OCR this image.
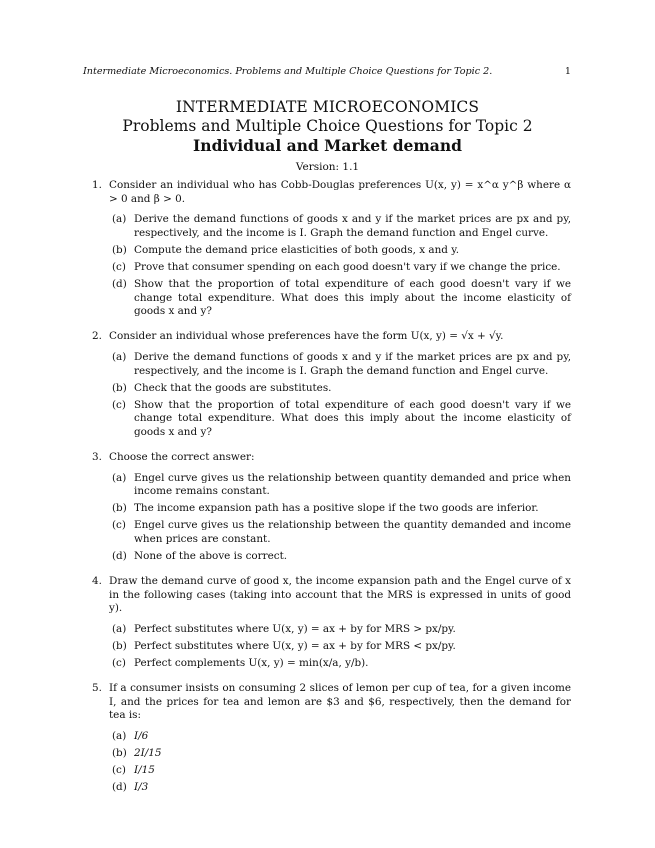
Intermediate Microeconomics. Problems and Multiple Choice Questions for Topic 2.	1
INTERMEDIATE MICROECONOMICS
Problems and Multiple Choice Questions for Topic 2
Individual and Market demand
Version: 1.1
1. Consider an individual who has Cobb-Douglas preferences U(x, y) = x^α y^β where α > 0 and β > 0.
(a) Derive the demand functions of goods x and y if the market prices are px and py, respectively, and the income is I. Graph the demand function and Engel curve.
(b) Compute the demand price elasticities of both goods, x and y.
(c) Prove that consumer spending on each good doesn't vary if we change the price.
(d) Show that the proportion of total expenditure of each good doesn't vary if we change total expenditure. What does this imply about the income elasticity of goods x and y?
2. Consider an individual whose preferences have the form U(x, y) = √x + √y.
(a) Derive the demand functions of goods x and y if the market prices are px and py, respectively, and the income is I. Graph the demand function and Engel curve.
(b) Check that the goods are substitutes.
(c) Show that the proportion of total expenditure of each good doesn't vary if we change total expenditure. What does this imply about the income elasticity of goods x and y?
3. Choose the correct answer:
(a) Engel curve gives us the relationship between quantity demanded and price when income remains constant.
(b) The income expansion path has a positive slope if the two goods are inferior.
(c) Engel curve gives us the relationship between the quantity demanded and income when prices are constant.
(d) None of the above is correct.
4. Draw the demand curve of good x, the income expansion path and the Engel curve of x in the following cases (taking into account that the MRS is expressed in units of good y).
(a) Perfect substitutes where U(x, y) = ax + by for MRS > px/py.
(b) Perfect substitutes where U(x, y) = ax + by for MRS < px/py.
(c) Perfect complements U(x, y) = min(x/a, y/b).
5. If a consumer insists on consuming 2 slices of lemon per cup of tea, for a given income I, and the prices for tea and lemon are $3 and $6, respectively, then the demand for tea is:
(a) I/6
(b) 2I/15
(c) I/15
(d) I/3
